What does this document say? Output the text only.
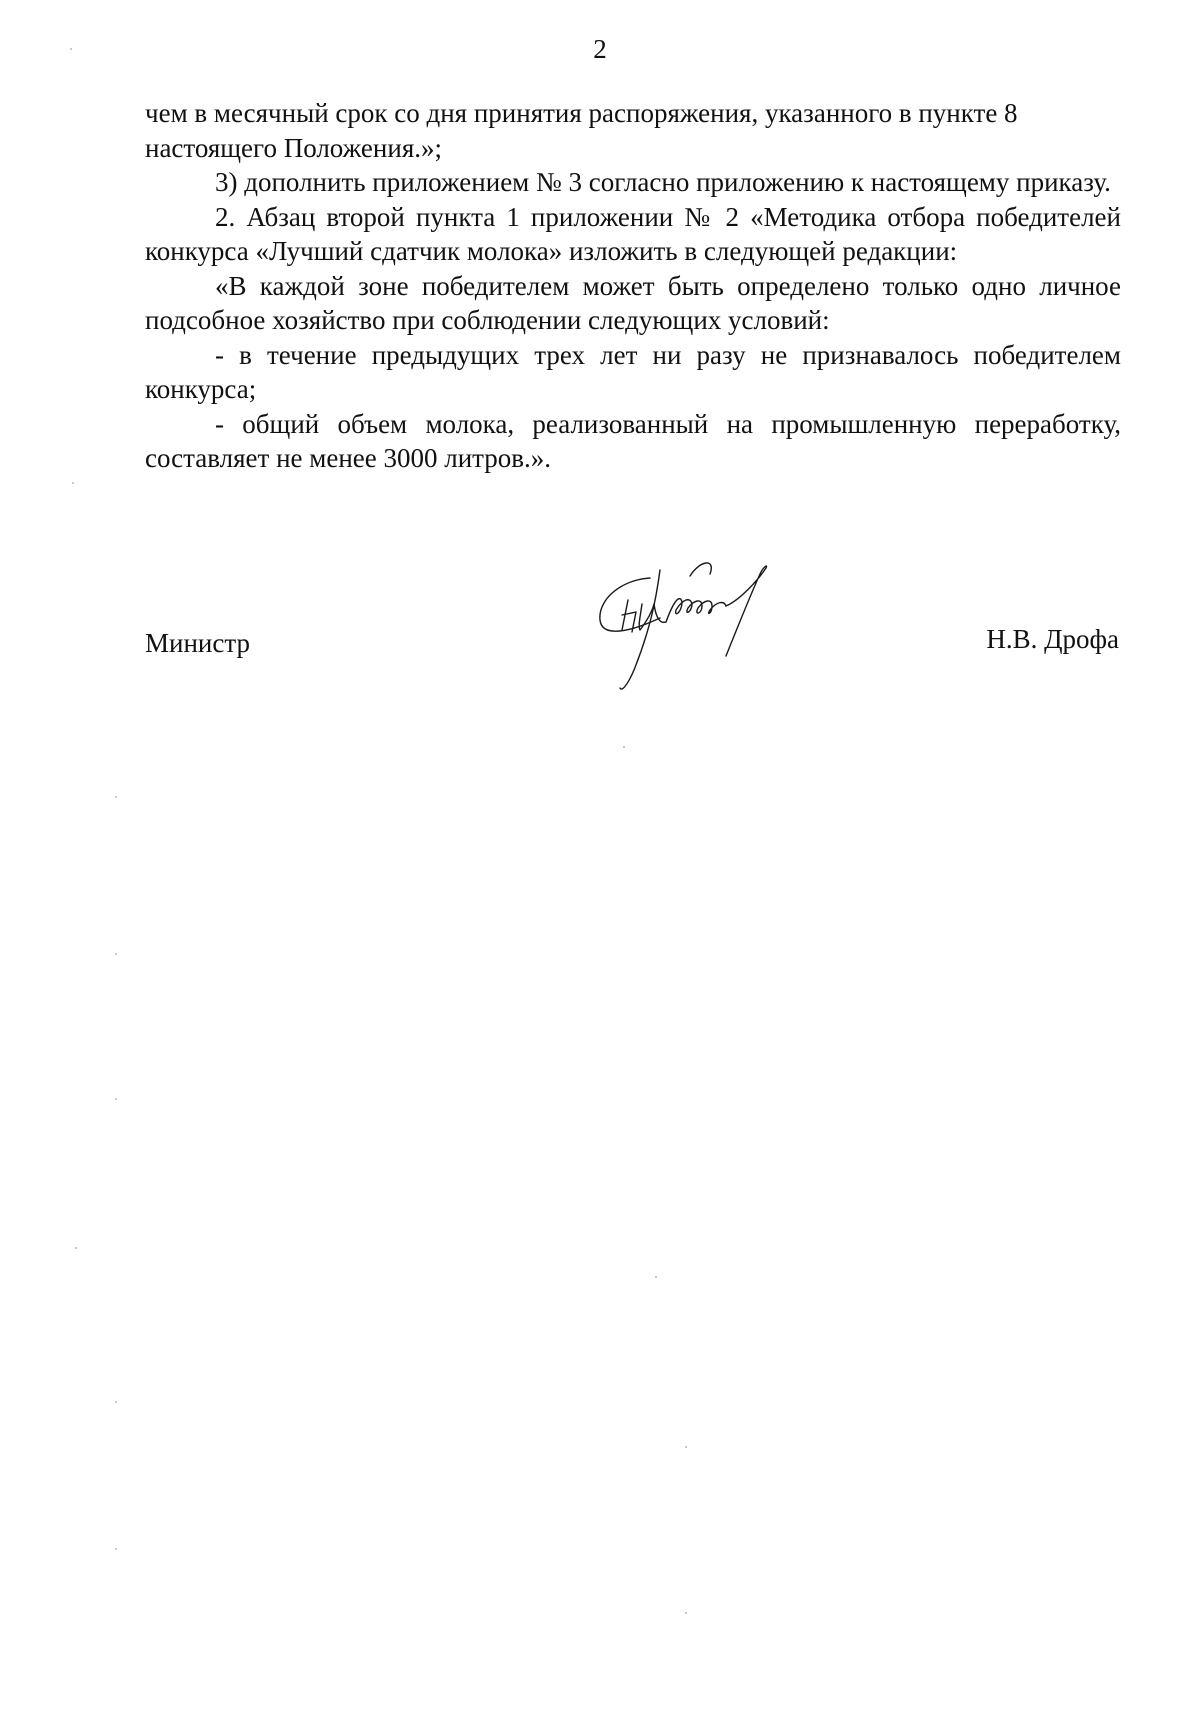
2

чем в месячный срок со дня принятия распоряжения, указанного в пункте 8 настоящего Положения.»;

3) дополнить приложением № 3 согласно приложению к настоящему приказу.

2. Абзац второй пункта 1 приложении № 2 «Методика отбора победителей конкурса «Лучший сдатчик молока» изложить в следующей редакции:

«В каждой зоне победителем может быть определено только одно личное подсобное хозяйство при соблюдении следующих условий:

- в течение предыдущих трех лет ни разу не признавалось победителем конкурса;

- общий объем молока, реализованный на промышленную переработку, составляет не менее 3000 литров.».

Министр	Н.В. Дрофа
